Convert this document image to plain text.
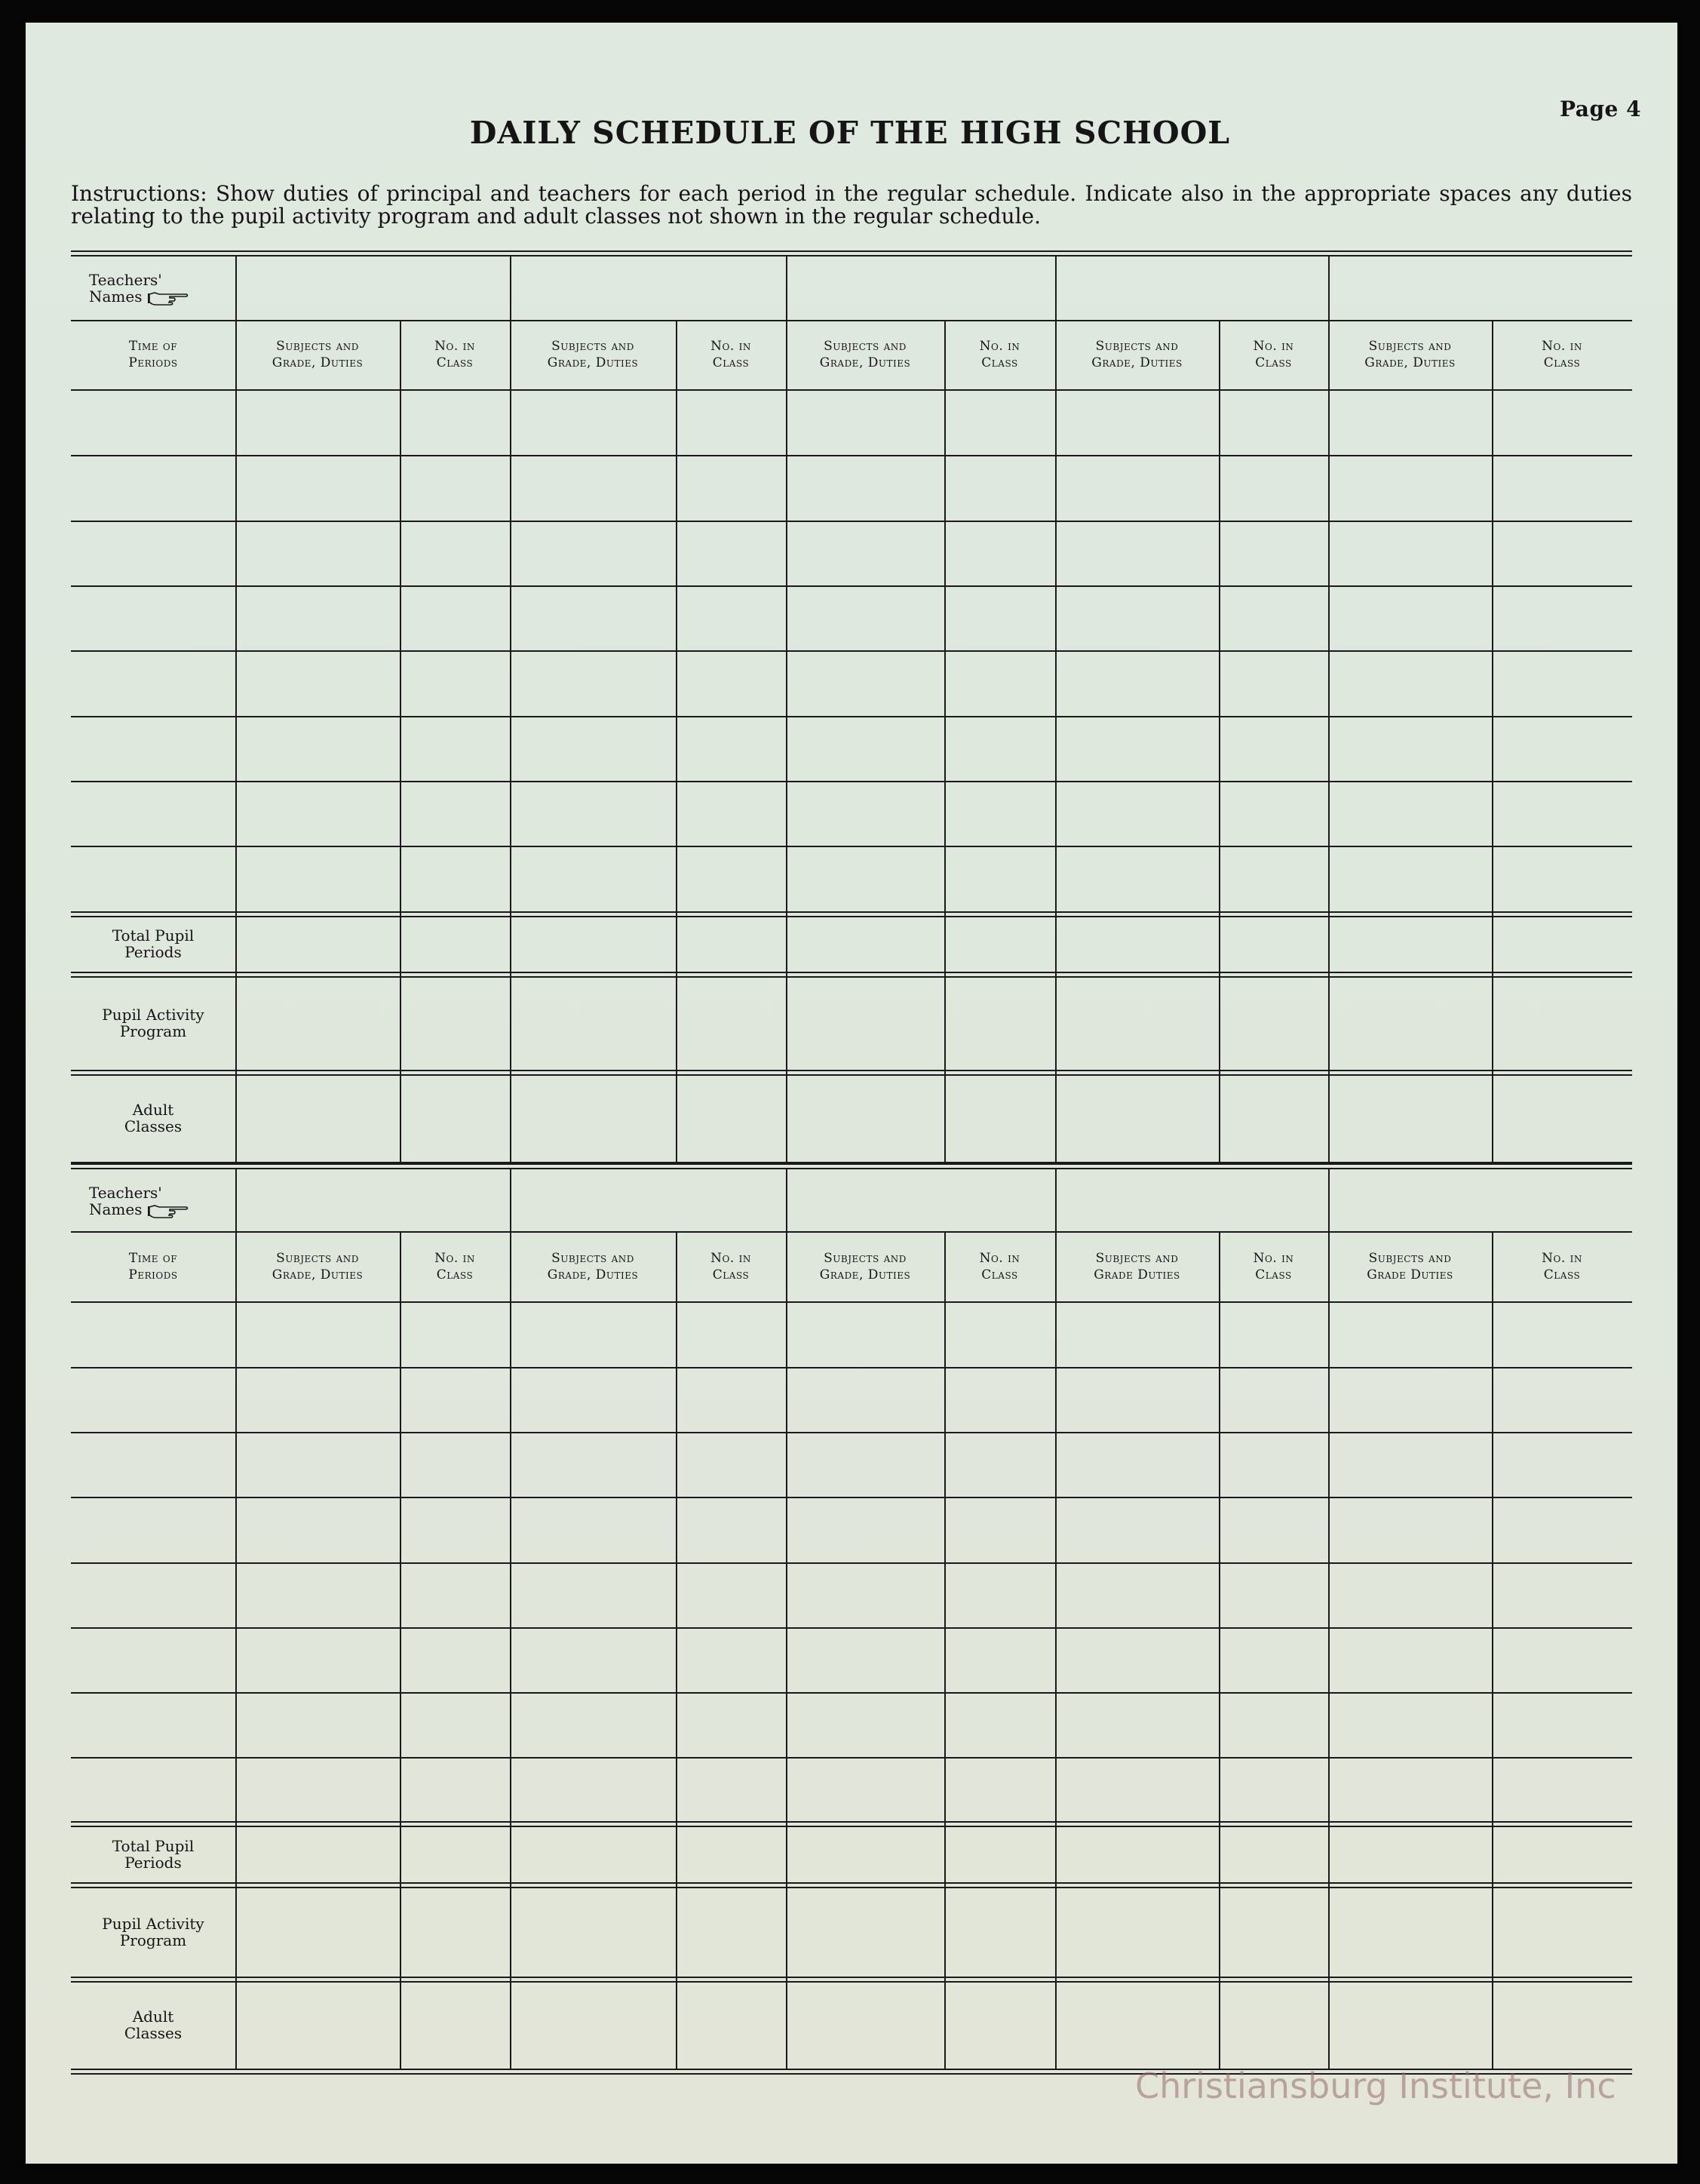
Page 4
DAILY SCHEDULE OF THE HIGH SCHOOL
Instructions: Show duties of principal and teachers for each period in the regular schedule. Indicate also in the appropriate spaces any duties relating to the pupil activity program and adult classes not shown in the regular schedule.
Teachers'
Names
Time of
Periods
Subjects and
Grade, Duties
No. in
Class
Subjects and
Grade, Duties
No. in
Class
Subjects and
Grade, Duties
No. in
Class
Subjects and
Grade, Duties
No. in
Class
Subjects and
Grade, Duties
No. in
Class
Total Pupil
Periods
Pupil Activity
Program
Adult
Classes
Teachers'
Names
Time of
Periods
Subjects and
Grade, Duties
No. in
Class
Subjects and
Grade, Duties
No. in
Class
Subjects and
Grade, Duties
No. in
Class
Subjects and
Grade Duties
No. in
Class
Subjects and
Grade Duties
No. in
Class
Total Pupil
Periods
Pupil Activity
Program
Adult
Classes
Christiansburg Institute, Inc
